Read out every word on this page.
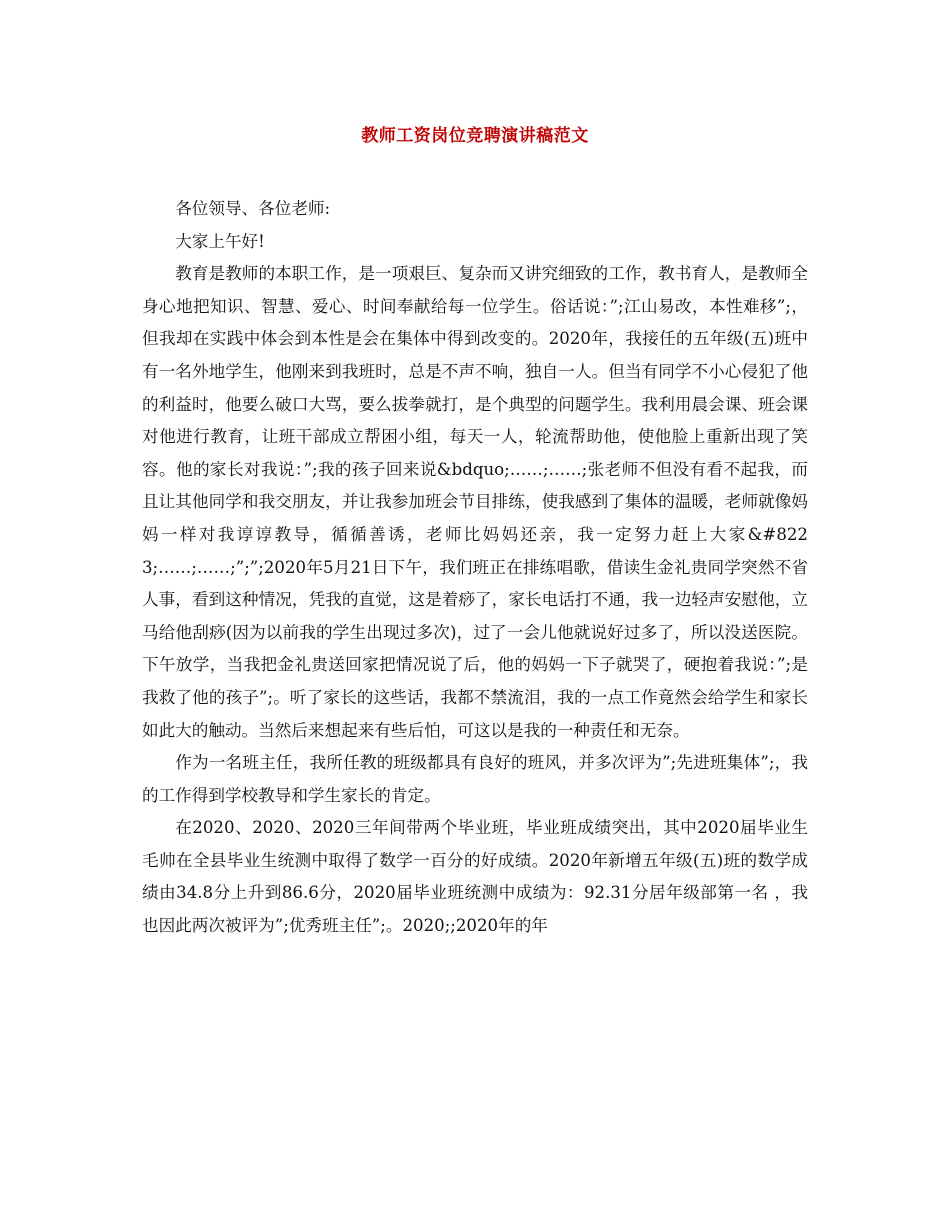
教师工资岗位竞聘演讲稿范文

各位领导、各位老师:

大家上午好!

教育是教师的本职工作，是一项艰巨、复杂而又讲究细致的工作，教书育人，是教师全身心地把知识、智慧、爱心、时间奉献给每一位学生。俗话说：”;江山易改，本性难移”;，但我却在实践中体会到本性是会在集体中得到改变的。2020年，我接任的五年级(五)班中有一名外地学生，他刚来到我班时，总是不声不响，独自一人。但当有同学不小心侵犯了他的利益时，他要么破口大骂，要么拔拳就打，是个典型的问题学生。我利用晨会课、班会课对他进行教育，让班干部成立帮困小组，每天一人，轮流帮助他，使他脸上重新出现了笑容。他的家长对我说：”;我的孩子回来说&bdquo;……;……;张老师不但没有看不起我，而且让其他同学和我交朋友，并让我参加班会节目排练，使我感到了集体的温暖，老师就像妈妈一样对我谆谆教导，循循善诱，老师比妈妈还亲，我一定努力赶上大家&#8223;……;……;”;”;2020年5月21日下午，我们班正在排练唱歌，借读生金礼贵同学突然不省人事，看到这种情况，凭我的直觉，这是着痧了，家长电话打不通，我一边轻声安慰他，立马给他刮痧(因为以前我的学生出现过多次)，过了一会儿他就说好过多了，所以没送医院。下午放学，当我把金礼贵送回家把情况说了后，他的妈妈一下子就哭了，硬抱着我说：”;是我救了他的孩子”;。听了家长的这些话，我都不禁流泪，我的一点工作竟然会给学生和家长如此大的触动。当然后来想起来有些后怕，可这以是我的一种责任和无奈。

作为一名班主任，我所任教的班级都具有良好的班风，并多次评为”;先进班集体”;，我的工作得到学校教导和学生家长的肯定。

在2020、2020、2020三年间带两个毕业班，毕业班成绩突出，其中2020届毕业生毛帅在全县毕业生统测中取得了数学一百分的好成绩。2020年新增五年级(五)班的数学成绩由34.8分上升到86.6分，2020届毕业班统测中成绩为：92.31分居年级部第一名 ，我也因此两次被评为”;优秀班主任”;。2020;;2020年的年
